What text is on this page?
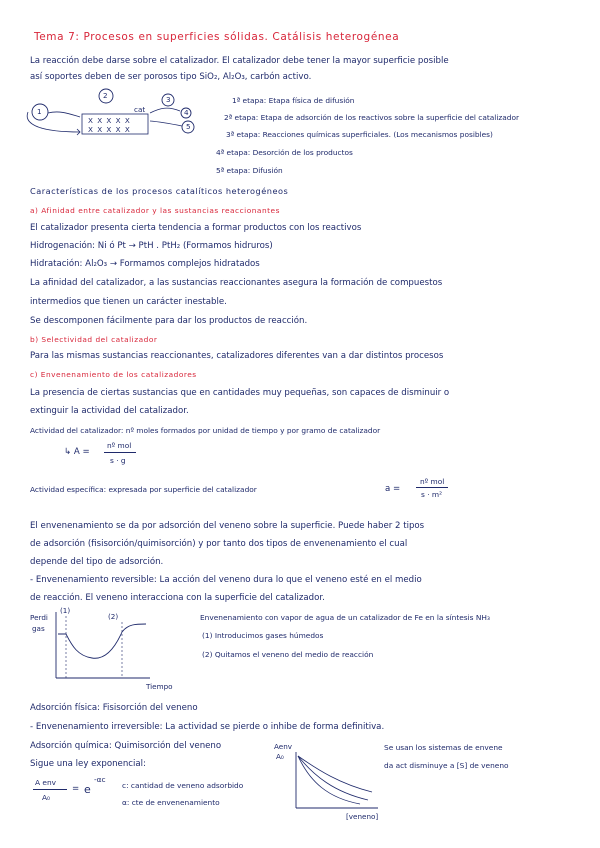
Tema 7: Procesos en superficies sólidas. Catálisis heterogénea
La reacción debe darse sobre el catalizador. El catalizador debe tener la mayor superficie posible
así soportes deben de ser porosos tipo SiO₂, Al₂O₃, carbón activo.
1
2	3
4
5
cat
X X X X X
X X X X X
1ª etapa: Etapa física de difusión
2ª etapa: Etapa de adsorción de los reactivos sobre la superficie del catalizador
3ª etapa: Reacciones químicas superficiales. (Los mecanismos posibles)
4ª etapa: Desorción de los productos
5ª etapa: Difusión
Características de los procesos catalíticos heterogéneos
a) Afinidad entre catalizador y las sustancias reaccionantes
El catalizador presenta cierta tendencia a formar productos con los reactivos
Hidrogenación: Ni ó Pt → PtH . PtH₂ (Formamos hidruros)
Hidratación: Al₂O₃ → Formamos complejos hidratados
La afinidad del catalizador, a las sustancias reaccionantes asegura la formación de compuestos
intermedios que tienen un carácter inestable.
Se descomponen fácilmente para dar los productos de reacción.
b) Selectividad del catalizador
Para las mismas sustancias reaccionantes, catalizadores diferentes van a dar distintos procesos
c) Envenenamiento de los catalizadores
La presencia de ciertas sustancias que en cantidades muy pequeñas, son capaces de disminuir o
extinguir la actividad del catalizador.
Actividad del catalizador: nº moles formados por unidad de tiempo y por gramo de catalizador
↳ A =
nº mol
s · g
Actividad específica: expresada por superficie del catalizador	a =
nº mol
s · m²
El envenenamiento se da por adsorción del veneno sobre la superficie. Puede haber 2 tipos
de adsorción (fisisorción/quimisorción) y por tanto dos tipos de envenenamiento el cual
depende del tipo de adsorción.
- Envenenamiento reversible: La acción del veneno dura lo que el veneno esté en el medio
de reacción. El veneno interacciona con la superficie del catalizador.
Perdi
gas
(1)
(2)
Tiempo
Envenenamiento con vapor de agua de un catalizador de Fe en la síntesis NH₃
(1) Introducimos gases húmedos
(2) Quitamos el veneno del medio de reacción
Adsorción física: Fisisorción del veneno
- Envenenamiento irreversible: La actividad se pierde o inhibe de forma definitiva.
Adsorción química: Quimisorción del veneno
Sigue una ley exponencial:
A env
A₀
= e
-αc
c: cantidad de veneno adsorbido
α: cte de envenenamiento
Aenv
A₀
[veneno]
Se usan los sistemas de envene
da act disminuye a [S] de veneno
